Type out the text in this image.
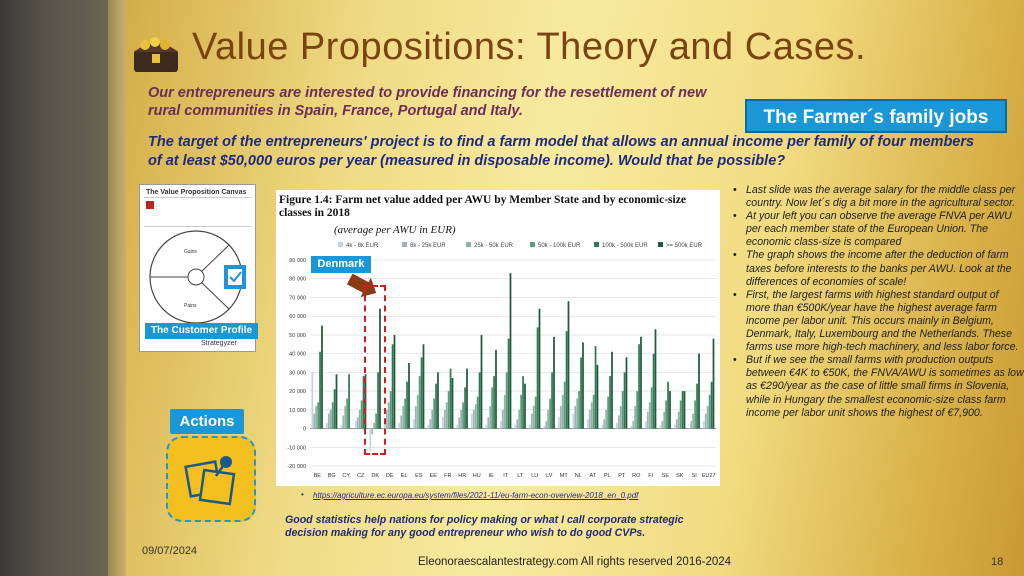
Value Propositions: Theory and Cases.
Our entrepreneurs are interested to provide financing for the resettlement of new rural communities in Spain, France, Portugal and Italy.	The Farmer´s family jobs
The target of the entrepreneurs' project is to find a farm model that allows an annual income per family of four members of at least $50,000 euros per year (measured in disposable income). Would that be possible?
The Value Proposition Canvas
Gains
Pains
The Customer Profile
Strategyzer
Figure 1.4: Farm net value added per AWU by Member State and by economic-size classes in 2018
(average per AWU in EUR)
4k - 8k EUR	8k - 25k EUR	25k - 50k EUR	50k - 100k EUR	100k - 500k EUR	>= 500k EUR
-20 000
-10 000
0
10 000
20 000
30 000
40 000
50 000
60 000
70 000
80 000
90 000
BE BG CY CZ DK DE EL ES EE FR HR HU IE IT LT LU LV MT NL AT PL PT RO FI SE SK SI EU27
Denmark
• https://agriculture.ec.europa.eu/system/files/2021-11/eu-farm-econ-overview-2018_en_0.pdf
• Last slide was the average salary for the middle class per country. Now let´s dig a bit more in the agricultural sector.
• At your left you can observe the average FNVA per AWU per each member state of the European Union. The economic class-size is compared
• The graph shows the income after the deduction of farm taxes before interests to the banks per AWU. Look at the differences of economies of scale!
• First, the largest farms with highest standard output of more than €500K/year have the highest average farm income per labor unit. This occurs mainly in Belgium, Denmark, Italy, Luxembourg and the Netherlands. These farms use more high-tech machinery, and less labor force.
• But if we see the small farms with production outputs between €4K to €50K, the FNVA/AWU is sometimes as low as €290/year as the case of little small firms in Slovenia, while in Hungary the smallest economic-size class farm income per labor unit shows the highest of €7,900.
Actions
Good statistics help nations for policy making or what I call corporate strategic decision making for any good entrepreneur who wish to do good CVPs.
09/07/2024
Eleonoraescalantestrategy.com All rights reserved 2016-2024	18
